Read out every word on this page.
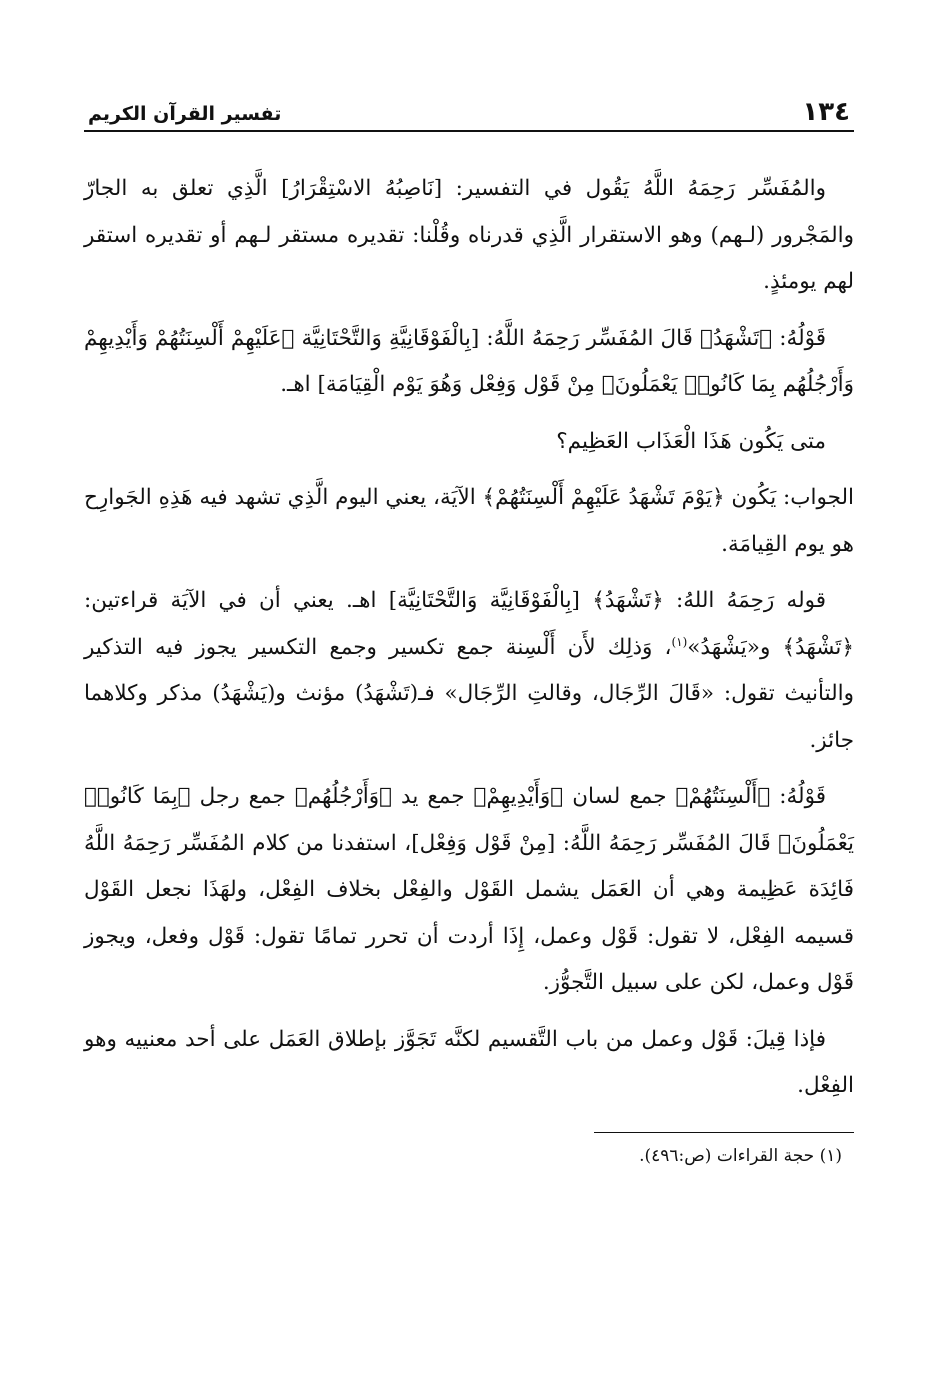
١٣٤
تفسير القرآن الكريم

والمُفَسِّر رَحِمَهُ اللَّهُ يَقُول في التفسير: [نَاصِبُهُ الاسْتِقْرَارُ] الَّذِي تعلق به الجارّ والمَجْرور (لـهم) وهو الاستقرار الَّذِي قدرناه وقُلْنا: تقديره مستقر لـهم أو تقديره استقر لهم يومئذٍ.

قَوْلُهُ: ﴿تَشْهَدُ﴾ قَالَ المُفَسِّر رَحِمَهُ اللَّهُ: [بِالْفَوْقَانِيَّةِ وَالتَّحْتَانِيَّة ﴿عَلَيْهِمْ أَلْسِنَتُهُمْ وَأَيْدِيهِمْ وَأَرْجُلُهُم بِمَا كَانُوا۟ يَعْمَلُونَ﴾ مِنْ قَوْل وَفِعْل وَهُوَ يَوْم الْقِيَامَة] اهـ.

متى يَكُون هَذَا الْعَذَاب العَظِيم؟

الجواب: يَكُون ﴿يَوْمَ تَشْهَدُ عَلَيْهِمْ أَلْسِنَتُهُمْ﴾ الآيَة، يعني اليوم الَّذِي تشهد فيه هَذِهِ الجَوارِح هو يوم القِيامَة.

قوله رَحِمَهُ اللهُ: ﴿تَشْهَدُ﴾ [بِالْفَوْقَانِيَّة وَالتَّحْتَانِيَّة] اهـ. يعني أن في الآيَة قراءتين: ﴿تَشْهَدُ﴾ و«يَشْهَدُ»$^{(١)}$، وَذلِك لأَن أَلْسِنة جمع تكسير وجمع التكسير يجوز فيه التذكير والتأنيث تقول: «قَالَ الرِّجَال، وقالتِ الرِّجَال» فـ(تَشْهَدُ) مؤنث و(يَشْهَدُ) مذكر وكلاهما جائز.

قَوْلُهُ: ﴿أَلْسِنَتُهُمْ﴾ جمع لسان ﴿وَأَيْدِيهِمْ﴾ جمع يد ﴿وَأَرْجُلُهُم﴾ جمع رجل ﴿بِمَا كَانُوا۟ يَعْمَلُونَ﴾ قَالَ المُفَسِّر رَحِمَهُ اللَّهُ: [مِنْ قَوْل وَفِعْل]، استفدنا من كلام المُفَسِّر رَحِمَهُ اللَّهُ فَائِدَة عَظِيمة وهي أن العَمَل يشمل القَوْل والفِعْل بخلاف الفِعْل، ولهَذَا نجعل القَوْل قسيمه الفِعْل، لا تقول: قَوْل وعمل، إِذَا أردت أن تحرر تمامًا تقول: قَوْل وفعل، ويجوز قَوْل وعمل، لكن على سبيل التَّجوُّز.

فإذا قِيلَ: قَوْل وعمل من باب التَّقسيم لكنَّه تَجَوَّز بإطلاق العَمَل على أحد معنييه وهو الفِعْل.

(١) حجة القراءات (ص:٤٩٦).
